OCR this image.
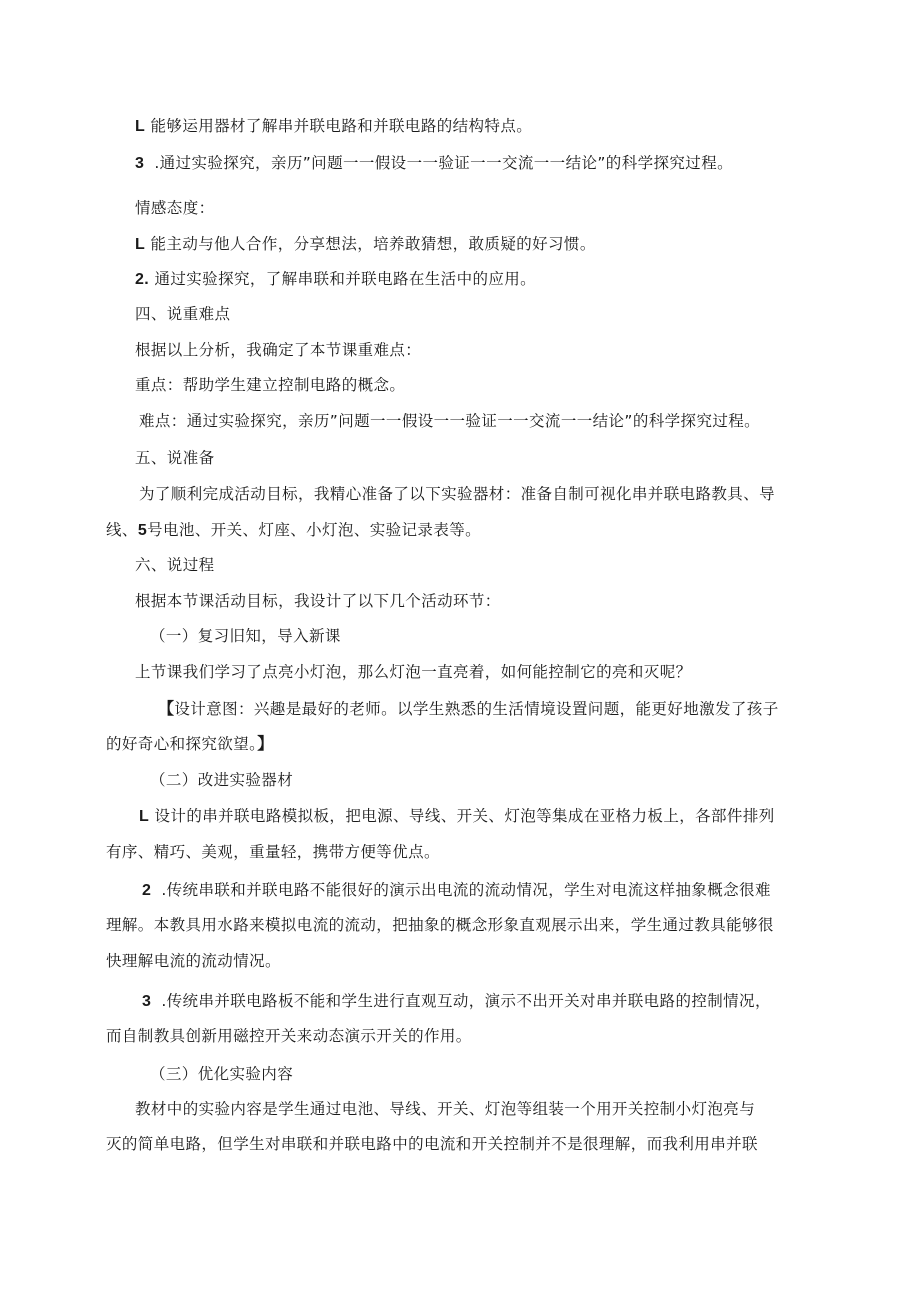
L 能够运用器材了解串并联电路和并联电路的结构特点。
3 .通过实验探究，亲历”问题一一假设一一验证一一交流一一结论”的科学探究过程。
情感态度：
L 能主动与他人合作，分享想法，培养敢猜想，敢质疑的好习惯。
2. 通过实验探究，了解串联和并联电路在生活中的应用。
四、说重难点
根据以上分析，我确定了本节课重难点：
重点：帮助学生建立控制电路的概念。
难点：通过实验探究，亲历”问题一一假设一一验证一一交流一一结论”的科学探究过程。
五、说准备
为了顺利完成活动目标，我精心准备了以下实验器材：准备自制可视化串并联电路教具、导
线、5号电池、开关、灯座、小灯泡、实验记录表等。
六、说过程
根据本节课活动目标，我设计了以下几个活动环节：
（一）复习旧知，导入新课
上节课我们学习了点亮小灯泡，那么灯泡一直亮着，如何能控制它的亮和灭呢？
【设计意图：兴趣是最好的老师。以学生熟悉的生活情境设置问题，能更好地激发了孩子
的好奇心和探究欲望。】
（二）改进实验器材
L 设计的串并联电路模拟板，把电源、导线、开关、灯泡等集成在亚格力板上，各部件排列
有序、精巧、美观，重量轻，携带方便等优点。
2 .传统串联和并联电路不能很好的演示出电流的流动情况，学生对电流这样抽象概念很难
理解。本教具用水路来模拟电流的流动，把抽象的概念形象直观展示出来，学生通过教具能够很
快理解电流的流动情况。
3 .传统串并联电路板不能和学生进行直观互动，演示不出开关对串并联电路的控制情况，
而自制教具创新用磁控开关来动态演示开关的作用。
（三）优化实验内容
教材中的实验内容是学生通过电池、导线、开关、灯泡等组装一个用开关控制小灯泡亮与
灭的简单电路，但学生对串联和并联电路中的电流和开关控制并不是很理解，而我利用串并联
